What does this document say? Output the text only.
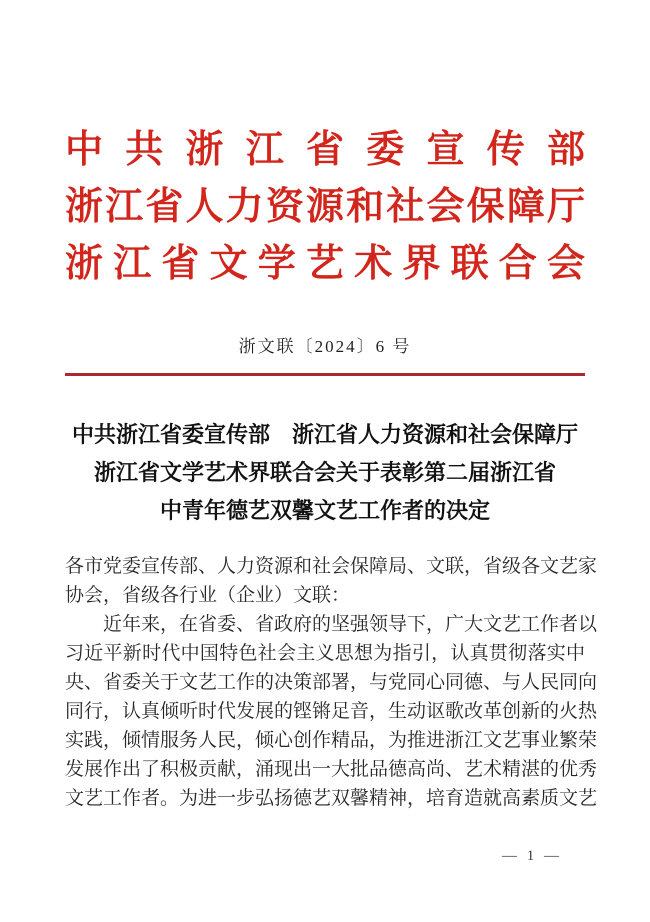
中共浙江省委宣传部
浙江省人力资源和社会保障厅
浙江省文学艺术界联合会
浙文联〔2024〕6 号
中共浙江省委宣传部　浙江省人力资源和社会保障厅
浙江省文学艺术界联合会关于表彰第二届浙江省
中青年德艺双馨文艺工作者的决定
各市党委宣传部、人力资源和社会保障局、文联，省级各文艺家
协会，省级各行业（企业）文联：
　　近年来，在省委、省政府的坚强领导下，广大文艺工作者以
习近平新时代中国特色社会主义思想为指引，认真贯彻落实中
央、省委关于文艺工作的决策部署，与党同心同德、与人民同向
同行，认真倾听时代发展的铿锵足音，生动讴歌改革创新的火热
实践，倾情服务人民，倾心创作精品，为推进浙江文艺事业繁荣
发展作出了积极贡献，涌现出一大批品德高尚、艺术精湛的优秀
文艺工作者。为进一步弘扬德艺双馨精神，培育造就高素质文艺
— 1 —
